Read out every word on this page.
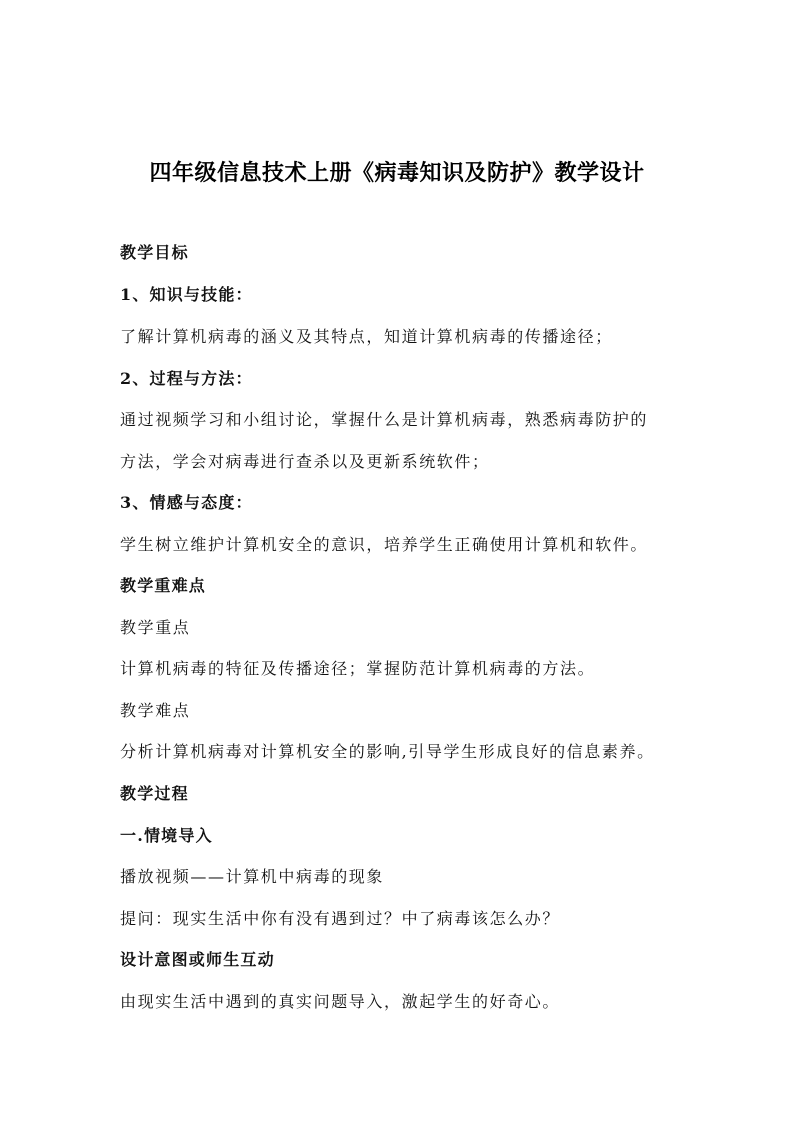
四年级信息技术上册《病毒知识及防护》教学设计
教学目标
1、知识与技能：
了解计算机病毒的涵义及其特点，知道计算机病毒的传播途径；
2、过程与方法：
通过视频学习和小组讨论，掌握什么是计算机病毒，熟悉病毒防护的
方法，学会对病毒进行查杀以及更新系统软件；
3、情感与态度：
学生树立维护计算机安全的意识，培养学生正确使用计算机和软件。
教学重难点
教学重点
计算机病毒的特征及传播途径；掌握防范计算机病毒的方法。
教学难点
分析计算机病毒对计算机安全的影响,引导学生形成良好的信息素养。
教学过程
一.情境导入
播放视频——计算机中病毒的现象
提问：现实生活中你有没有遇到过？中了病毒该怎么办？
设计意图或师生互动
由现实生活中遇到的真实问题导入，激起学生的好奇心。
